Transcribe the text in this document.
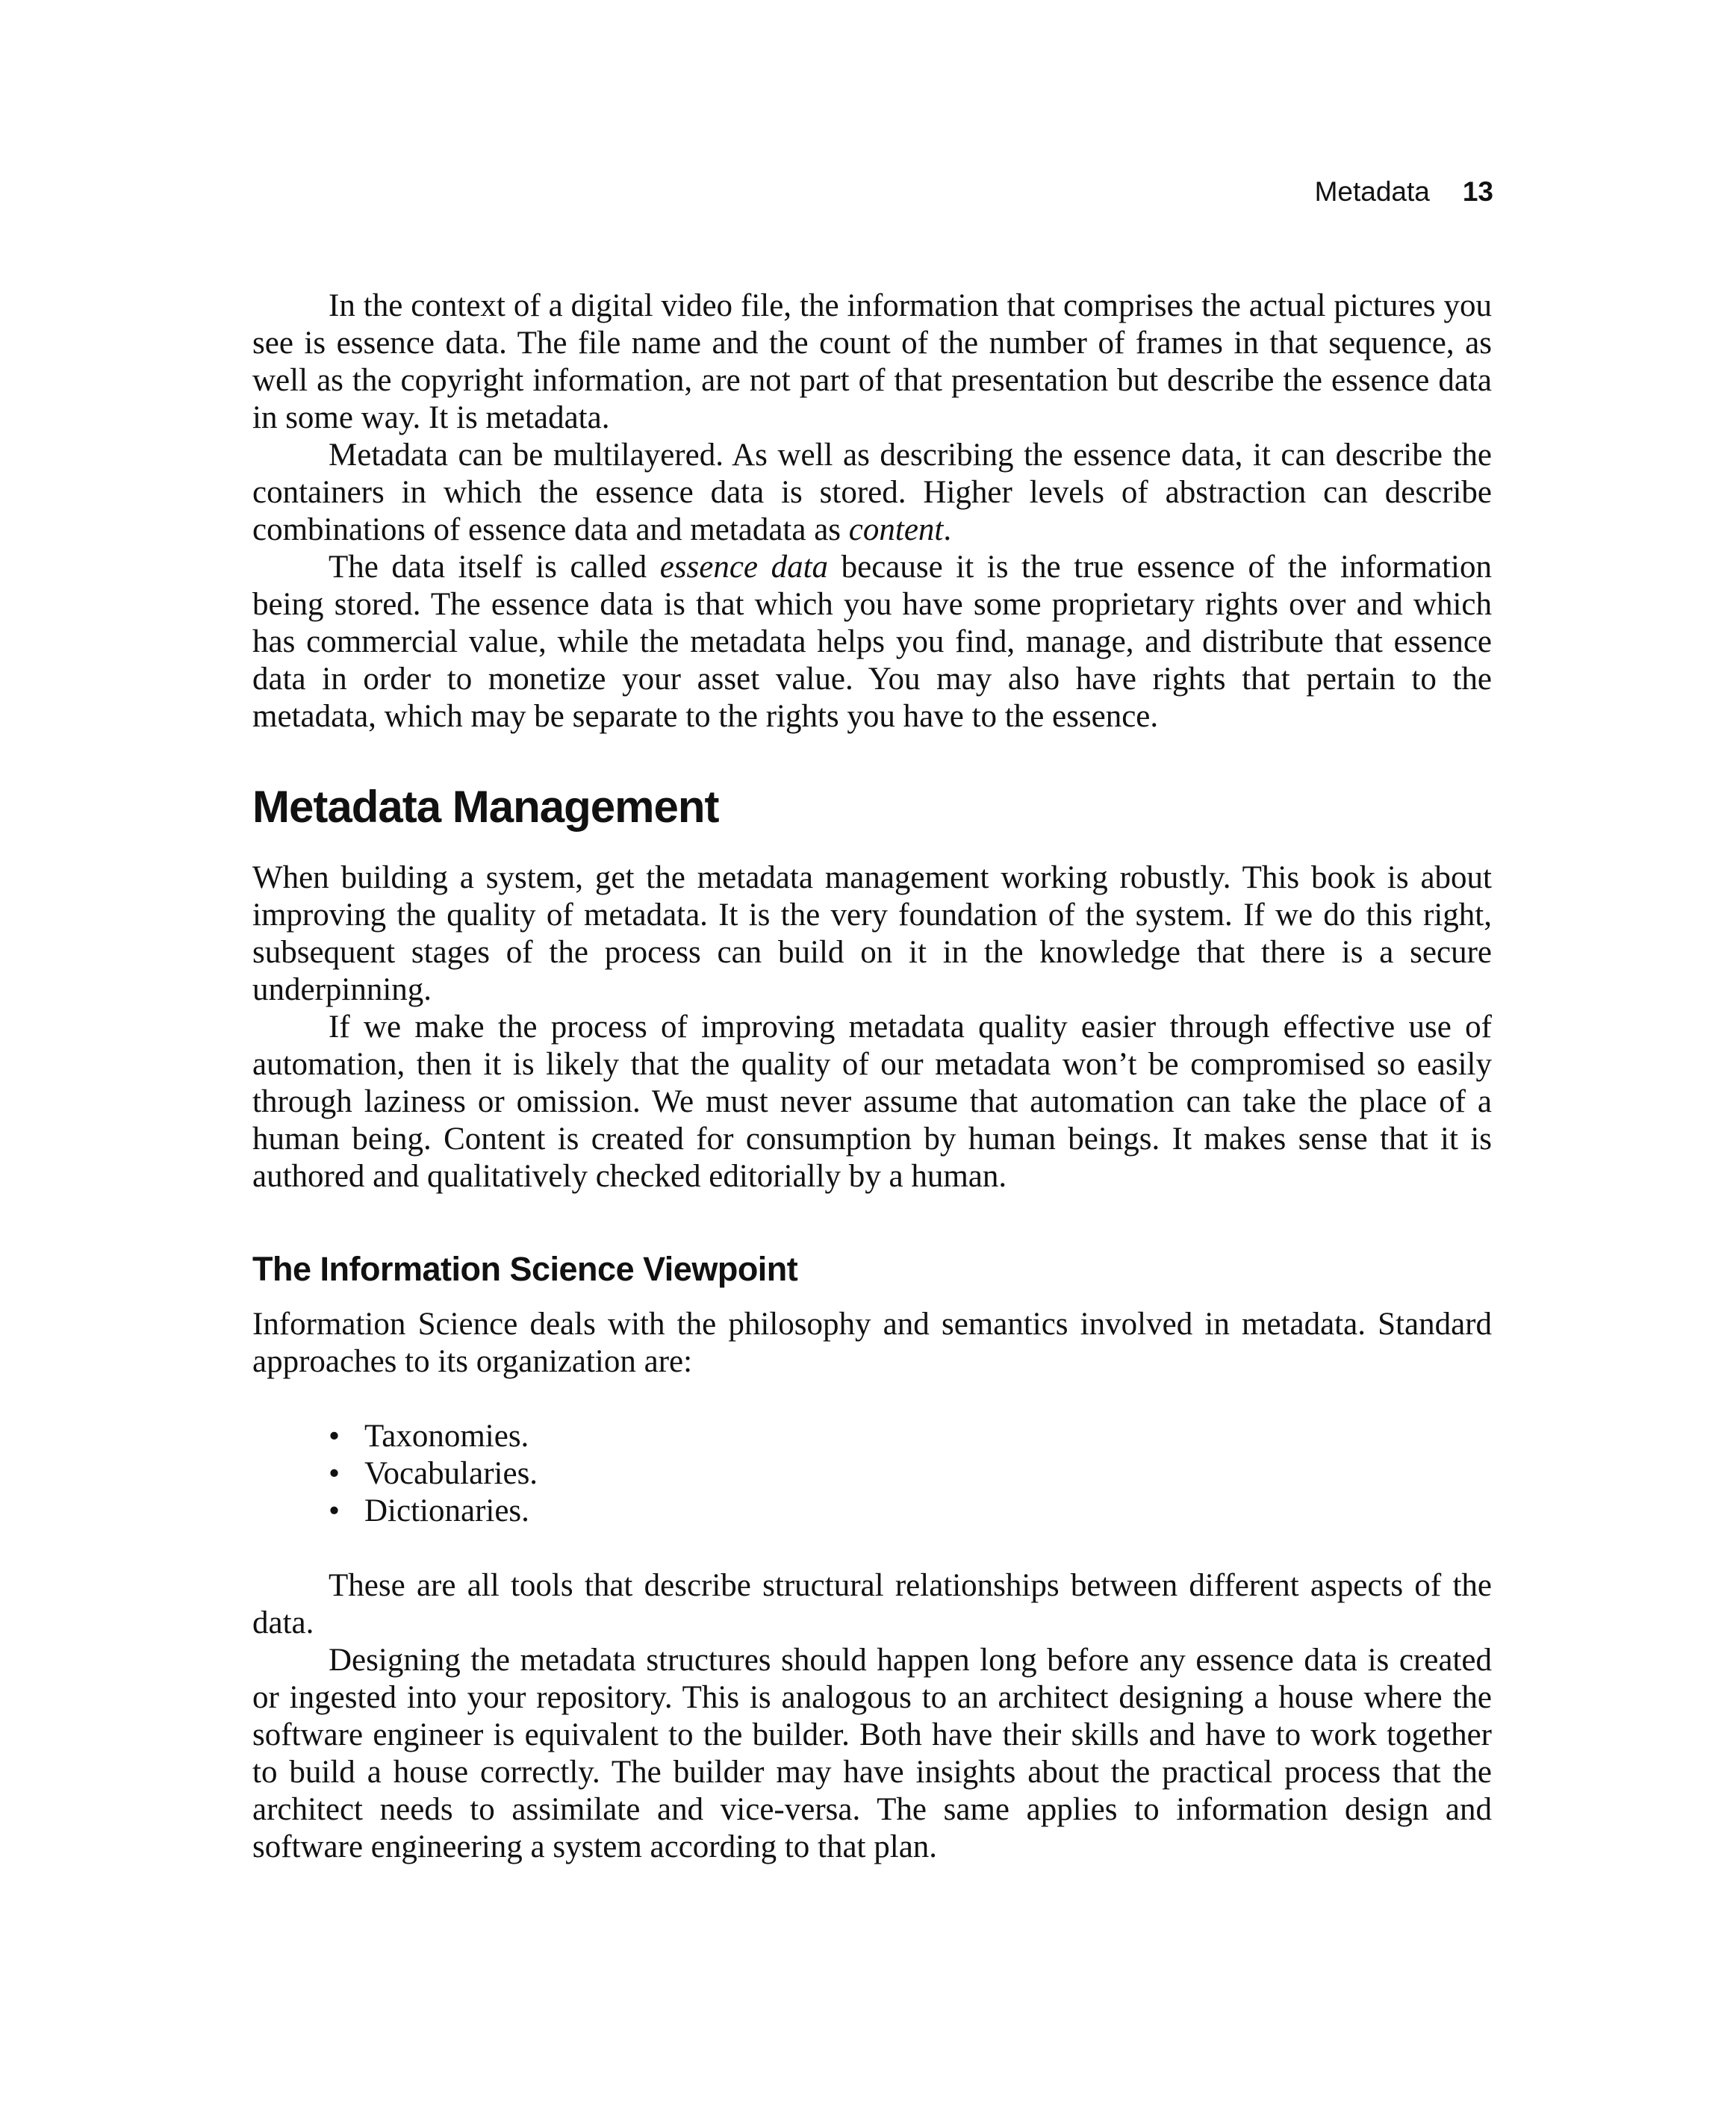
Metadata 13

In the context of a digital video file, the information that comprises the actual pictures you see is essence data. The file name and the count of the number of frames in that sequence, as well as the copyright information, are not part of that presentation but describe the essence data in some way. It is metadata.

Metadata can be multilayered. As well as describing the essence data, it can describe the containers in which the essence data is stored. Higher levels of abstraction can describe combinations of essence data and metadata as content.

The data itself is called essence data because it is the true essence of the information being stored. The essence data is that which you have some proprietary rights over and which has commercial value, while the metadata helps you find, manage, and distribute that essence data in order to monetize your asset value. You may also have rights that pertain to the metadata, which may be separate to the rights you have to the essence.

Metadata Management

When building a system, get the metadata management working robustly. This book is about improving the quality of metadata. It is the very foundation of the system. If we do this right, subsequent stages of the process can build on it in the knowledge that there is a secure underpinning.

If we make the process of improving metadata quality easier through effective use of automation, then it is likely that the quality of our metadata won’t be compromised so easily through laziness or omission. We must never assume that automation can take the place of a human being. Content is created for consumption by human beings. It makes sense that it is authored and qualitatively checked editorially by a human.

The Information Science Viewpoint

Information Science deals with the philosophy and semantics involved in metadata. Standard approaches to its organization are:

• Taxonomies.
• Vocabularies.
• Dictionaries.

These are all tools that describe structural relationships between different aspects of the data.

Designing the metadata structures should happen long before any essence data is created or ingested into your repository. This is analogous to an architect designing a house where the software engineer is equivalent to the builder. Both have their skills and have to work together to build a house correctly. The builder may have insights about the practical process that the architect needs to assimilate and vice-versa. The same applies to information design and software engineering a system according to that plan.
